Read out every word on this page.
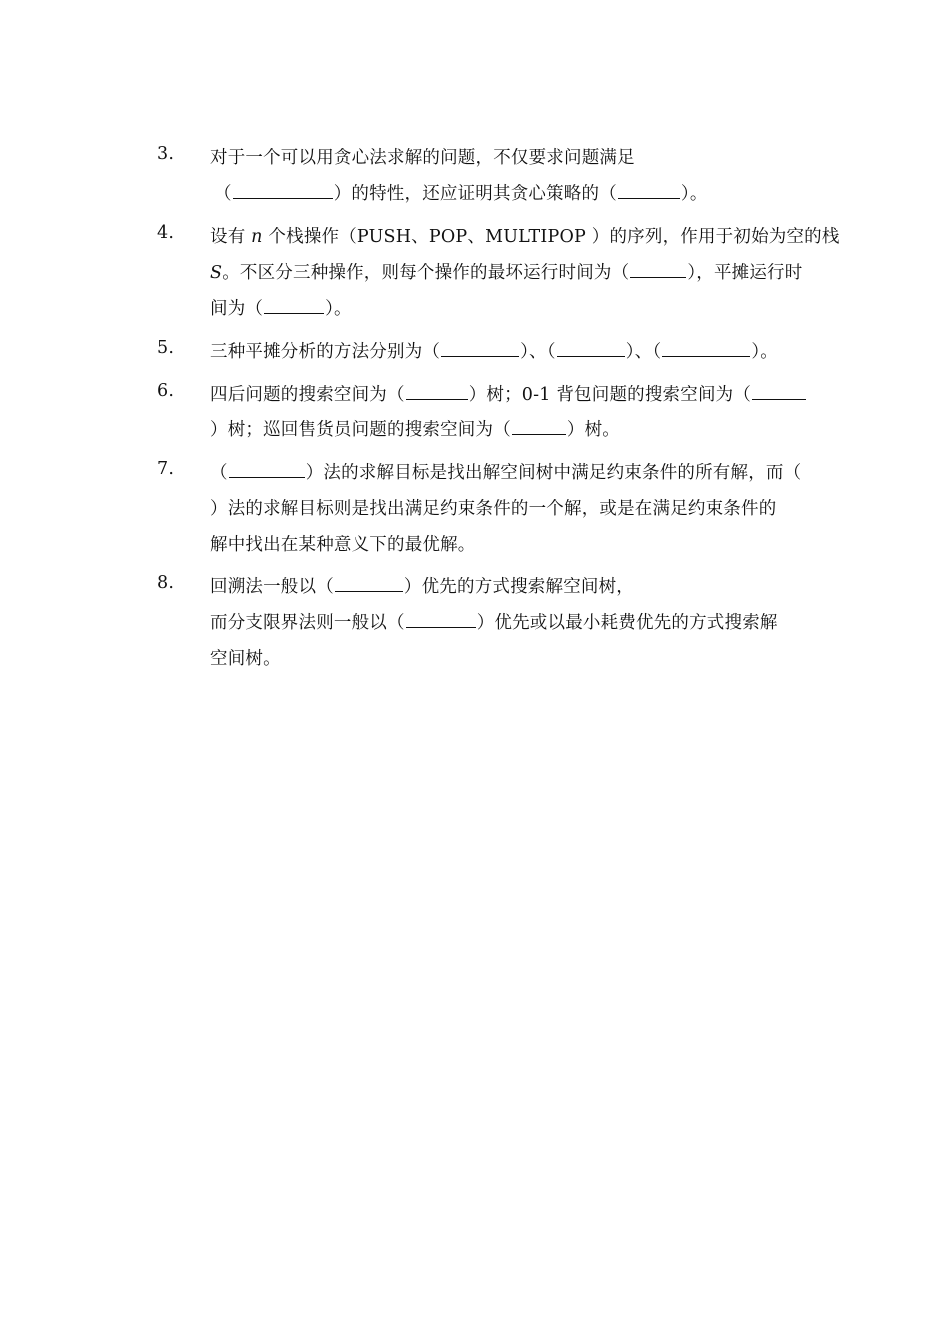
3.	对于一个可以用贪心法求解的问题，不仅要求问题满足
（	）的特性，还应证明其贪心策略的（	）。
4.	设有 n 个栈操作（PUSH、POP、MULTIPOP ）的序列，作用于初始为空的栈
S。不区分三种操作，则每个操作的最坏运行时间为（	），平摊运行时
间为（	）。
5.	三种平摊分析的方法分别为（	）、（	）、（	）。
6.	四后问题的搜索空间为（	）树；0-1 背包问题的搜索空间为（
）树；巡回售货员问题的搜索空间为（	）树。
7.	（	）法的求解目标是找出解空间树中满足约束条件的所有解，而（
）法的求解目标则是找出满足约束条件的一个解，或是在满足约束条件的
解中找出在某种意义下的最优解。
8.	回溯法一般以（	）优先的方式搜索解空间树，
而分支限界法则一般以（	）优先或以最小耗费优先的方式搜索解
空间树。
